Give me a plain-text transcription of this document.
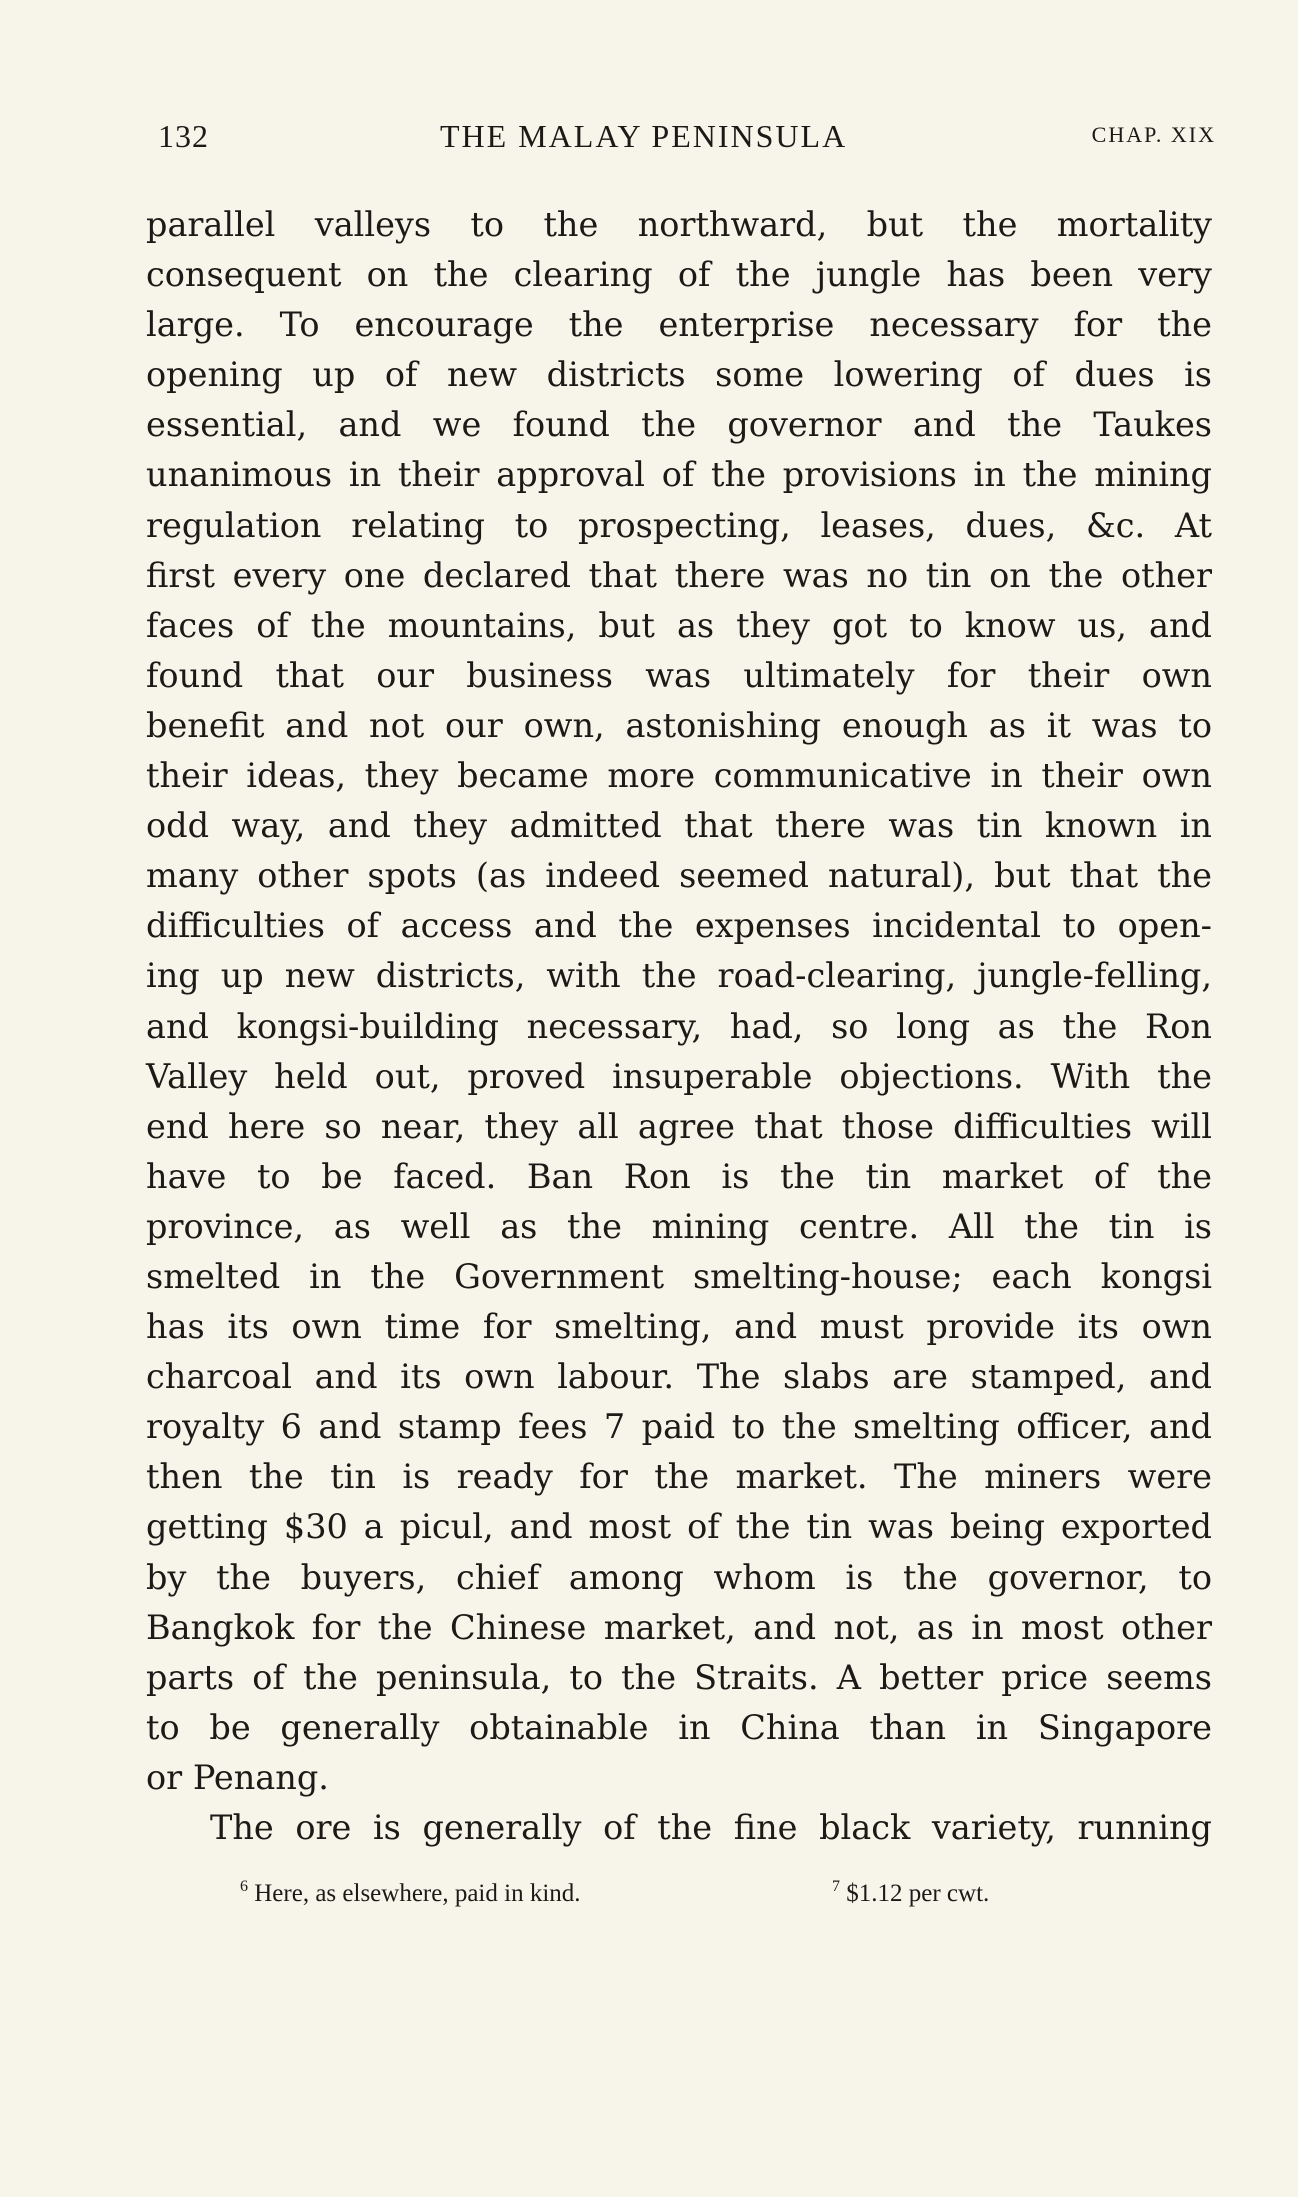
132	THE MALAY PENINSULA	CHAP. XIX
parallel valleys to the northward, but the mortality
consequent on the clearing of the jungle has been very
large. To encourage the enterprise necessary for the
opening up of new districts some lowering of dues is
essential, and we found the governor and the Taukes
unanimous in their approval of the provisions in the mining
regulation relating to prospecting, leases, dues, &c. At
first every one declared that there was no tin on the other
faces of the mountains, but as they got to know us, and
found that our business was ultimately for their own
benefit and not our own, astonishing enough as it was to
their ideas, they became more communicative in their own
odd way, and they admitted that there was tin known in
many other spots (as indeed seemed natural), but that the
difficulties of access and the expenses incidental to open-
ing up new districts, with the road-clearing, jungle-felling,
and kongsi-building necessary, had, so long as the Ron
Valley held out, proved insuperable objections. With the
end here so near, they all agree that those difficulties will
have to be faced. Ban Ron is the tin market of the
province, as well as the mining centre. All the tin is
smelted in the Government smelting-house; each kongsi
has its own time for smelting, and must provide its own
charcoal and its own labour. The slabs are stamped, and
royalty 6 and stamp fees 7 paid to the smelting officer, and
then the tin is ready for the market. The miners were
getting $30 a picul, and most of the tin was being exported
by the buyers, chief among whom is the governor, to
Bangkok for the Chinese market, and not, as in most other
parts of the peninsula, to the Straits. A better price seems
to be generally obtainable in China than in Singapore
or Penang.
The ore is generally of the fine black variety, running
$^6$ Here, as elsewhere, paid in kind.	$^7$ $1.12 per cwt.
